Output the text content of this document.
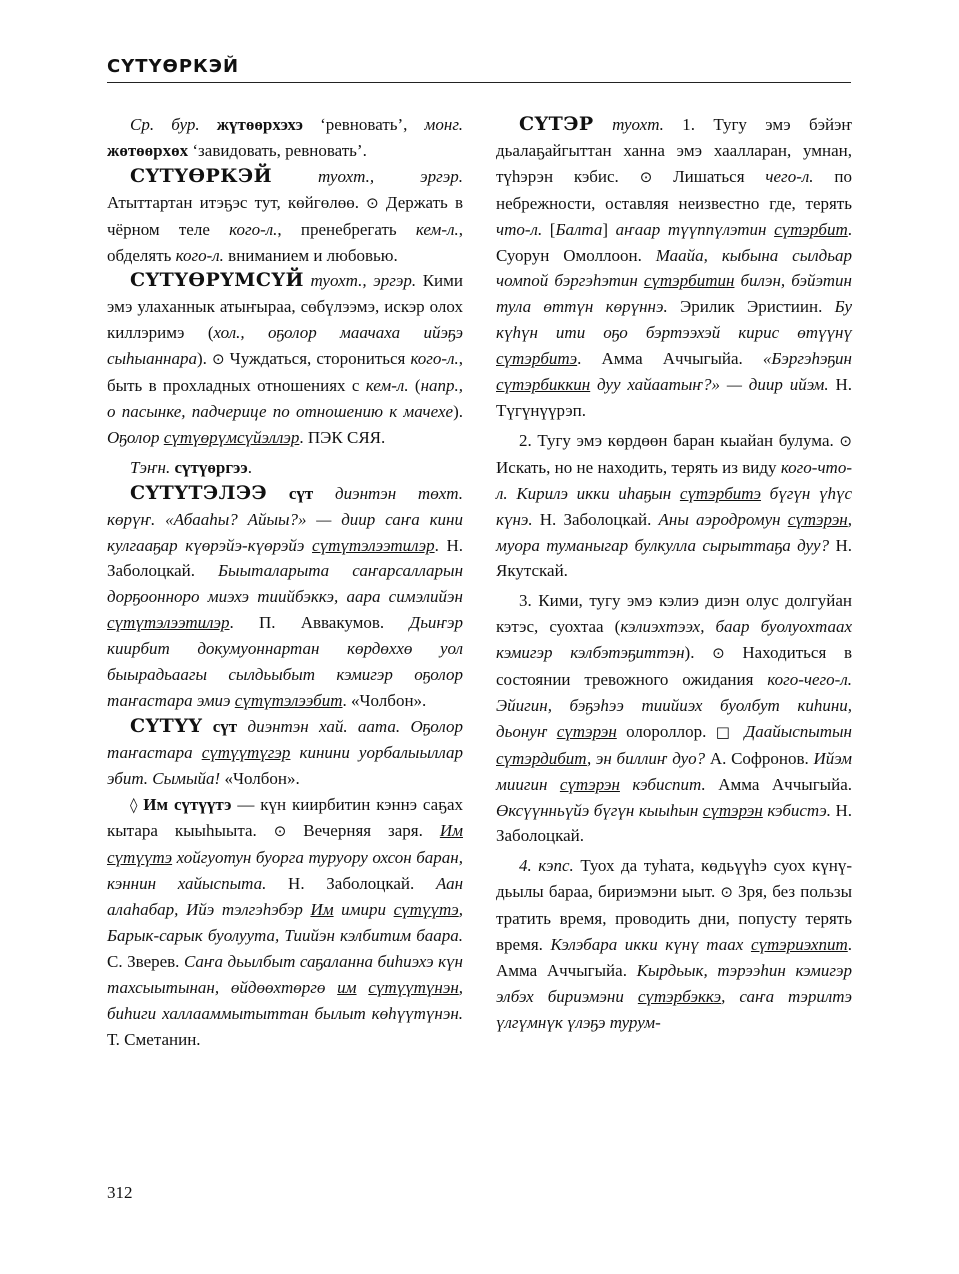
СҮТҮӨРКЭЙ

Ср. бур. жүтөөрхэхэ ‘ревновать’, монг. жөтөөрхөх ‘завидовать, ревновать’.

СҮТҮӨРКЭЙ туохт., эргэр. Атыттартан итэҕэс тут, көйгөлөө. ⊙ Держать в чёрном теле кого-л., пренебрегать кем-л., обделять кого-л. вниманием и любовью.

СҮТҮӨРҮМСҮЙ туохт., эргэр. Кими эмэ улаханнык атыҥыраа, сөбүлээмэ, искэр олох киллэримэ (хол., оҕолор маачаха ийэҕэ сыһыаннара). ⊙ Чуждаться, сторониться кого-л., быть в прохладных отношениях с кем-л. (напр., о пасынке, падчерице по отношению к мачехе). Оҕолор сүтүөрүмсүйэллэр. ПЭК СЯЯ.

Тэҥн. сүтүөргээ.

СҮТҮТЭЛЭЭ сүт диэнтэн төхт. көрүҥ. «Абааһы? Айыы?» — диир саҥа кини кулгааҕар күөрэйэ-күөрэйэ сүтүтэлээтилэр. Н. Заболоцкай. Быыталарыта саҥарсалларын дорҕоонноро миэхэ тиийбэккэ, аара симэлийэн сүтүтэлээтилэр. П. Аввакумов. Дьиҥэр киирбит докумуоннартан көрдөххө уол быырадьаагы сылдьыбыт кэмигэр оҕолор таҥастара эмиэ сүтүтэлээбит. «Чолбон».

СҮТҮҮ сүт диэнтэн хай. аата. Оҕолор таҥастара сүтүүтүгэр кинини уорбалыыллар эбит. Сымыйа! «Чолбон».

◊ Им сүтүүтэ — күн киирбитин кэннэ саҕах кытара кыыһыыта. ⊙ Вечерняя заря. Им сүтүүтэ хойгуотун буорга туруору охсон баран, кэннин хайыспыта. Н. Заболоцкай. Аан алаһабар, Ийэ тэлгэһэбэр Им имири сүтүүтэ, Барык-сарык буолуута, Тиийэн кэлбитим баара. С. Зверев. Саҥа дьылбыт саҕаланна биһиэхэ күн тахсыытынан, өйдөөхтөргө им сүтүүтүнэн, биһиги халлааммытыттан былыт көһүүтүнэн. Т. Сметанин.

СҮТЭР туохт. 1. Тугу эмэ бэйэҥ дьалаҕайгыттан ханна эмэ хаалларан, умнан, түһэрэн кэбис. ⊙ Лишаться чего-л. по небрежности, оставляя неизвестно где, терять что-л. [Балта] аҥаар түүппүлэтин сүтэрбит. Суорун Омоллоон. Маайа, кыбына сылдьар чомпой бэргэһэтин сүтэрбитин билэн, бэйэтин тула өттүн көрүннэ. Эрилик Эристиин. Бу күһүн ити оҕо бэртээхэй кирис өтүүнү сүтэрбитэ. Амма Аччыгыйа. «Бэргэһэҕин сүтэрбиккин дуу хайаатыҥ?» — диир ийэм. Н. Түгүнүүрэп.

2. Тугу эмэ көрдөөн баран кыайан булума. ⊙ Искать, но не находить, терять из виду кого-что-л. Кирилэ икки иһаҕын сүтэрбитэ бүгүн үһүс күнэ. Н. Заболоцкай. Аны аэродромун сүтэрэн, муора туманыгар булкулла сырыттаҕа дуу? Н. Якутскай.

3. Кими, тугу эмэ кэлиэ диэн олус долгуйан кэтэс, суохтаа (кэлиэхтээх, баар буолуохтаах кэмигэр кэлбэтэҕиттэн). ⊙ Находиться в состоянии тревожного ожидания кого-чего-л. Эйигин, бэҕэһээ тиийиэх буолбут киһини, дьонуҥ сүтэрэн олороллор. □ Даайыспытын сүтэрдибит, эн биллиҥ дуо? А. Софронов. Ийэм миигин сүтэрэн кэбиспит. Амма Аччыгыйа. Өксүүнньүйэ бүгүн кыыһын сүтэрэн кэбистэ. Н. Заболоцкай.

4. кэпс. Туох да туһата, көдьүүһэ суох күнү-дьылы бараа, бириэмэни ыыт. ⊙ Зря, без пользы тратить время, проводить дни, попусту терять время. Кэлэбара икки күнү таах сүтэриэхпит. Амма Аччыгыйа. Кырдьык, тэрээһин кэмигэр элбэх бириэмэни сүтэрбэккэ, саҥа тэрилтэ үлгүмнүк үлэҕэ турум-

312
